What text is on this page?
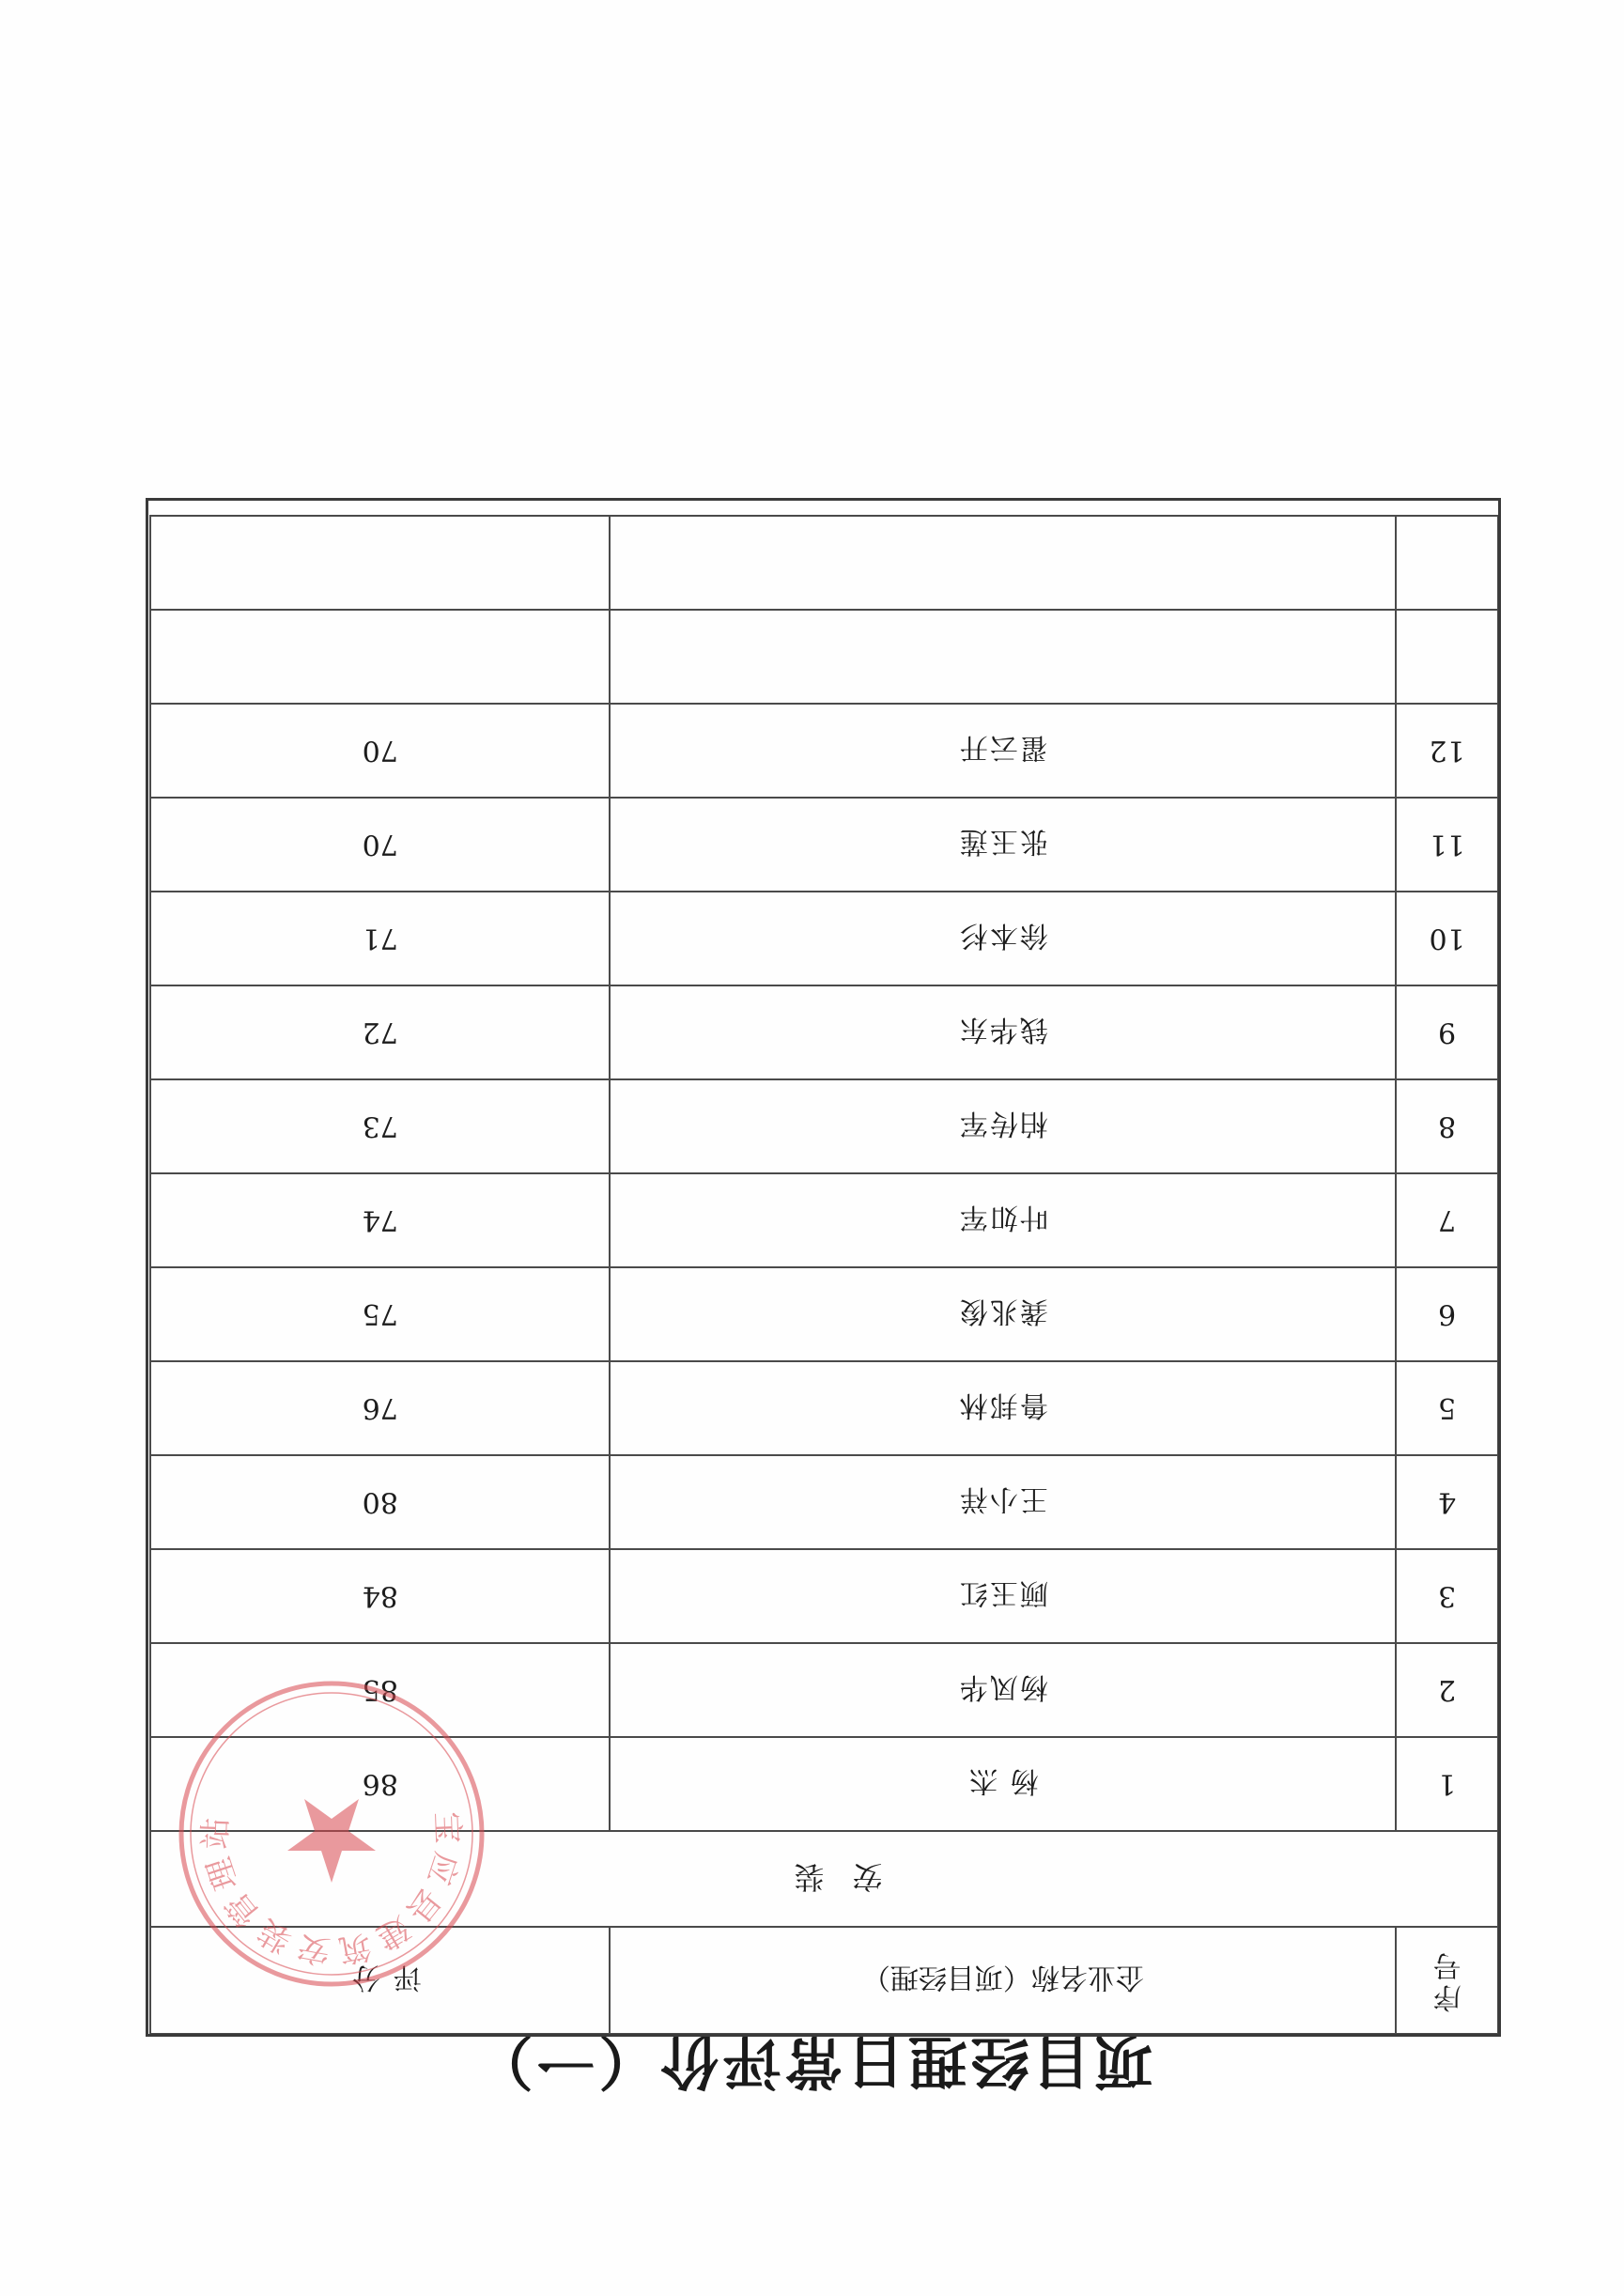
项目经理日常评价（一）
序号	企业名称（项目经理）	评分
安装		
1	杨 杰	86
2	杨凤华	85
3	顾玉红	84
4	王小祥	80
5	鲁邦林	76
6	龚兆俊	75
7	叶如军	74
8	柏传军	73
9	钱华东	72
10	徐本杉	71
11	张玉莲	70
12	翟云开	70

宝应县建筑安装管理站
